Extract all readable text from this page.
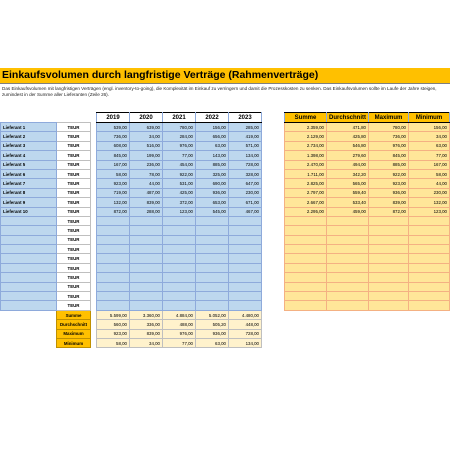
Einkaufsvolumen durch langfristige Verträge (Rahmenverträge)
Das Einkaufsvolumen mit langfristigen Verträgen (engl. inventory-to-going), die Komplexität im Einkauf zu verringern und damit die Prozesskosten zu senken. Das Einkaufsvolumen sollte im Laufe der Jahre steigen, zumindest in der Summe aller Lieferanten (Zeile 26).
			2019	2020	2021	2022	2023		Summe	Durchschnitt	Maximum	Minimum
Lieferant 1	TEUR		539,00	639,00	780,00	156,00	285,00		2.359,00	471,80	780,00	156,00
Lieferant 2	TEUR		736,00	34,00	284,00	656,00	419,00		2.129,00	425,80	736,00	34,00
Lieferant 3	TEUR		608,00	516,00	976,00	63,00	571,00		2.734,00	546,80	976,00	63,00
Lieferant 4	TEUR		845,00	199,00	77,00	143,00	134,00		1.398,00	279,60	845,00	77,00
Lieferant 5	TEUR		167,00	236,00	454,00	885,00	728,00		2.470,00	494,00	885,00	167,00
Lieferant 6	TEUR		58,00	78,00	922,00	325,00	328,00		1.711,00	342,20	922,00	58,00
Lieferant 7	TEUR		923,00	44,00	531,00	690,00	647,00		2.825,00	565,00	923,00	44,00
Lieferant 8	TEUR		719,00	487,00	425,00	936,00	230,00		2.797,00	559,40	936,00	230,00
Lieferant 9	TEUR		132,00	839,00	372,00	653,00	671,00		2.667,00	533,40	839,00	132,00
Lieferant 10	TEUR		872,00	288,00	123,00	545,00	467,00		2.295,00	459,00	872,00	123,00
	TEUR											
	TEUR											
	TEUR											
	TEUR											
	TEUR											
	TEUR											
	TEUR											
	TEUR											
	TEUR											
	TEUR											
	Summe		5.599,00	3.360,00	4.884,00	5.052,00	4.480,00					
	Durchschnitt		560,00	336,00	488,00	505,20	448,00					
	Maximum		923,00	839,00	976,00	936,00	728,00					
	Minimum		58,00	34,00	77,00	63,00	134,00					
